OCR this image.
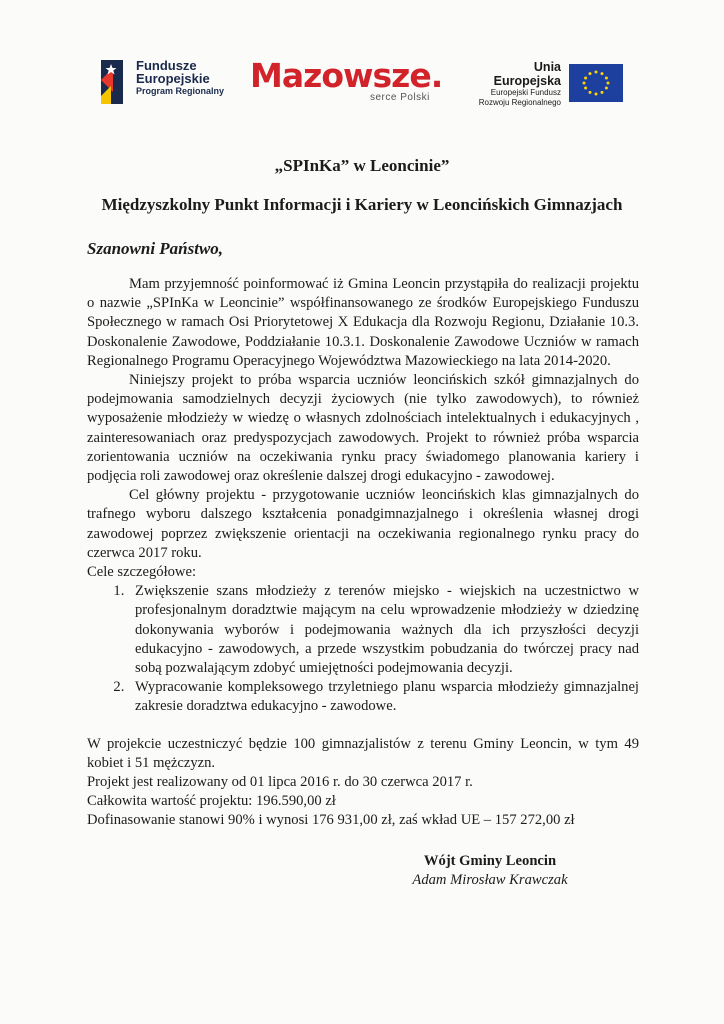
Fundusze
Europejskie
Program Regionalny Mazowsze.
serce Polski
Unia Europejska
Europejski Fundusz
Rozwoju Regionalnego
„SPInKa” w Leoncinie”
Międzyszkolny Punkt Informacji i Kariery w Leoncińskich Gimnazjach
Szanowni Państwo,

Mam przyjemność poinformować iż Gmina Leoncin przystąpiła do realizacji projektu o nazwie „SPInKa w Leoncinie” współfinansowanego ze środków Europejskiego Funduszu Społecznego w ramach Osi Priorytetowej X Edukacja dla Rozwoju Regionu, Działanie 10.3. Doskonalenie Zawodowe, Poddziałanie 10.3.1. Doskonalenie Zawodowe Uczniów w ramach Regionalnego Programu Operacyjnego Województwa Mazowieckiego na lata 2014-2020.

Niniejszy projekt to próba wsparcia uczniów leoncińskich szkół gimnazjalnych do podejmowania samodzielnych decyzji życiowych (nie tylko zawodowych), to również wyposażenie młodzieży w wiedzę o własnych zdolnościach intelektualnych i edukacyjnych , zainteresowaniach oraz predyspozycjach zawodowych. Projekt to również próba wsparcia zorientowania uczniów na oczekiwania rynku pracy świadomego planowania kariery i podjęcia roli zawodowej oraz określenie dalszej drogi edukacyjno - zawodowej.

Cel główny projektu - przygotowanie uczniów leoncińskich klas gimnazjalnych do trafnego wyboru dalszego kształcenia ponadgimnazjalnego i określenia własnej drogi zawodowej poprzez zwiększenie orientacji na oczekiwania regionalnego rynku pracy do czerwca 2017 roku.

Cele szczegółowe:

1. Zwiększenie szans młodzieży z terenów miejsko - wiejskich na uczestnictwo w profesjonalnym doradztwie mającym na celu wprowadzenie młodzieży w dziedzinę dokonywania wyborów i podejmowania ważnych dla ich przyszłości decyzji edukacyjno - zawodowych, a przede wszystkim pobudzania do twórczej pracy nad sobą pozwalającym zdobyć umiejętności podejmowania decyzji.
2. Wypracowanie kompleksowego trzyletniego planu wsparcia młodzieży gimnazjalnej zakresie doradztwa edukacyjno - zawodowe.

W projekcie uczestniczyć będzie 100 gimnazjalistów z terenu Gminy Leoncin, w tym 49 kobiet i 51 mężczyzn.

Projekt jest realizowany od 01 lipca 2016 r. do 30 czerwca 2017 r.

Całkowita wartość projektu: 196.590,00 zł

Dofinasowanie stanowi 90% i wynosi 176 931,00 zł, zaś wkład UE – 157 272,00 zł

Wójt Gminy Leoncin
Adam Mirosław Krawczak
